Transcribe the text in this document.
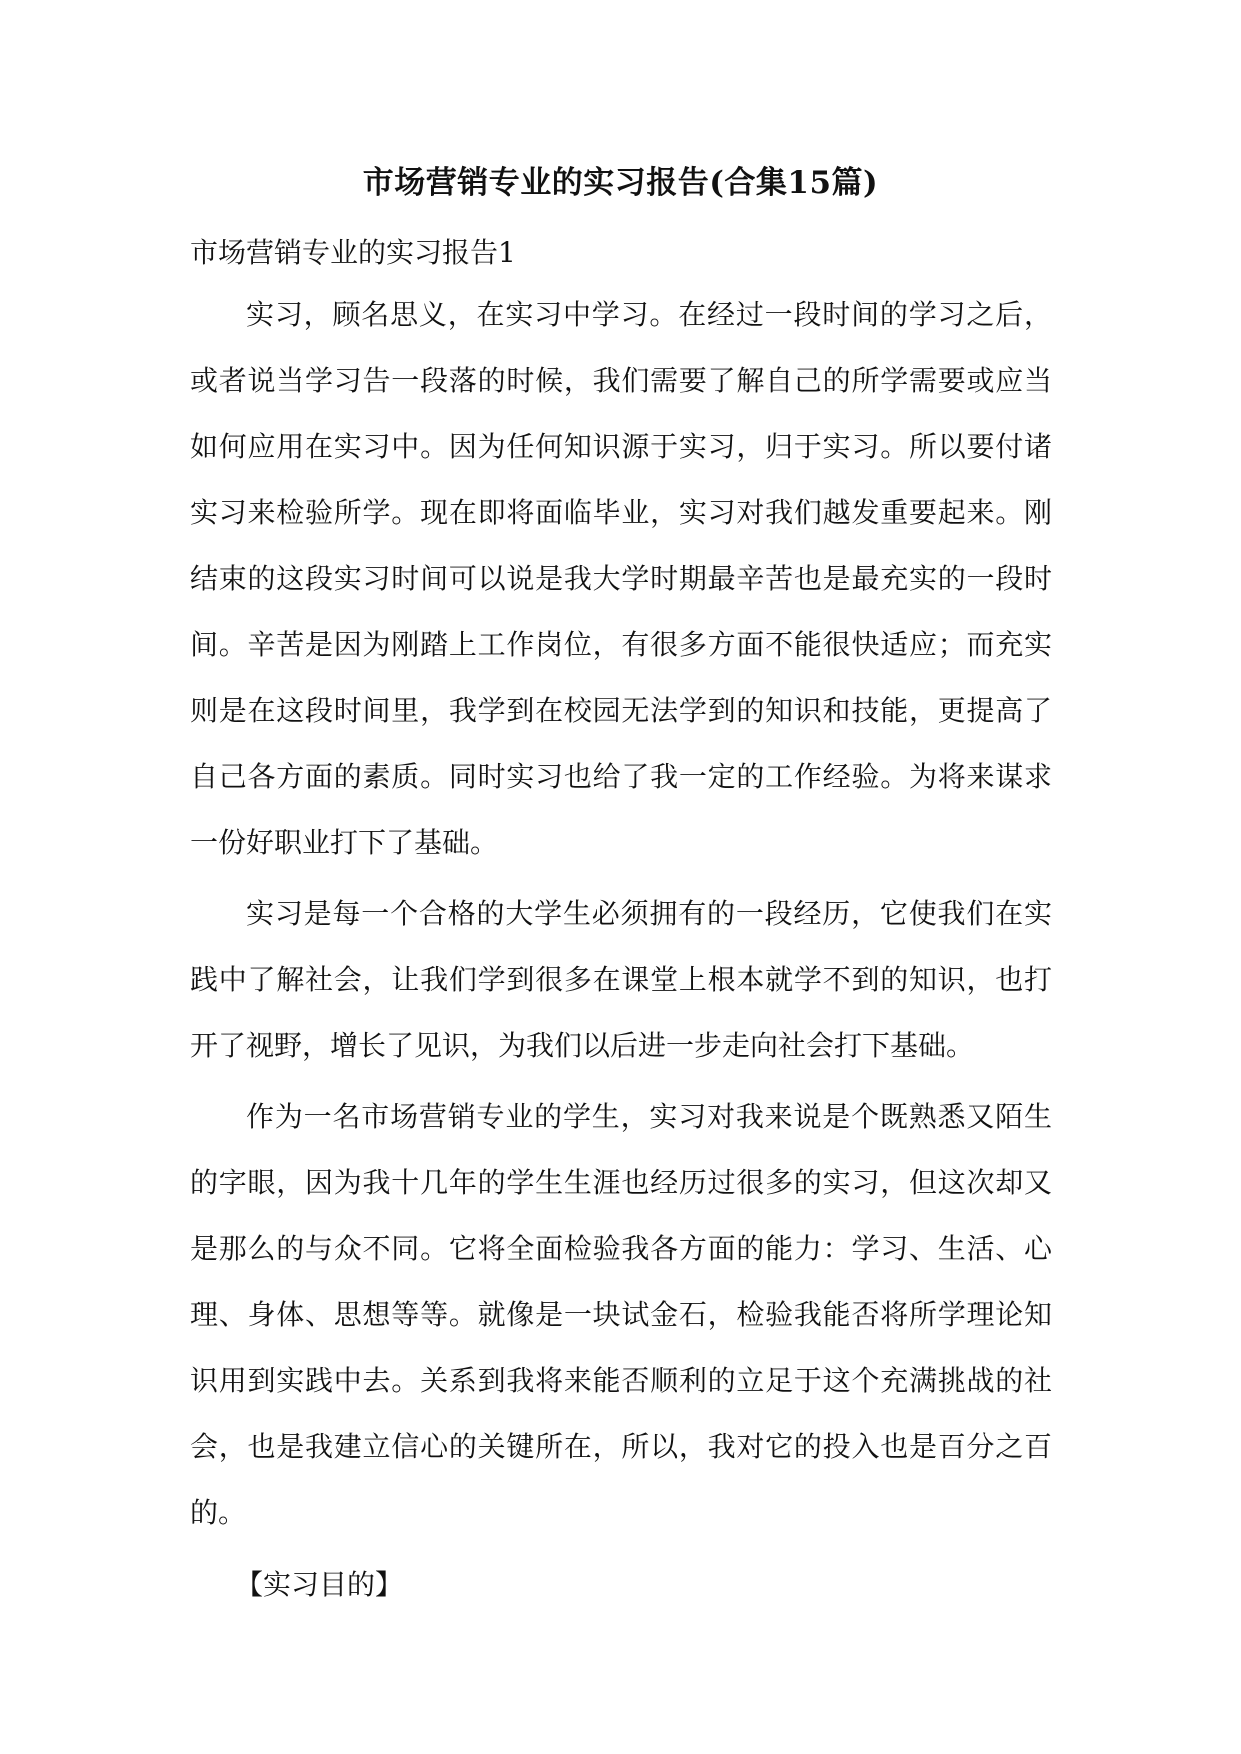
市场营销专业的实习报告(合集15篇)
市场营销专业的实习报告1

实习，顾名思义，在实习中学习。在经过一段时间的学习之后，或者说当学习告一段落的时候，我们需要了解自己的所学需要或应当如何应用在实习中。因为任何知识源于实习，归于实习。所以要付诸实习来检验所学。现在即将面临毕业，实习对我们越发重要起来。刚结束的这段实习时间可以说是我大学时期最辛苦也是最充实的一段时间。辛苦是因为刚踏上工作岗位，有很多方面不能很快适应；而充实则是在这段时间里，我学到在校园无法学到的知识和技能，更提高了自己各方面的素质。同时实习也给了我一定的工作经验。为将来谋求一份好职业打下了基础。

实习是每一个合格的大学生必须拥有的一段经历，它使我们在实践中了解社会，让我们学到很多在课堂上根本就学不到的知识，也打开了视野，增长了见识，为我们以后进一步走向社会打下基础。

作为一名市场营销专业的学生，实习对我来说是个既熟悉又陌生的字眼，因为我十几年的学生生涯也经历过很多的实习，但这次却又是那么的与众不同。它将全面检验我各方面的能力：学习、生活、心理、身体、思想等等。就像是一块试金石，检验我能否将所学理论知识用到实践中去。关系到我将来能否顺利的立足于这个充满挑战的社会，也是我建立信心的关键所在，所以，我对它的投入也是百分之百的。

【实习目的】
